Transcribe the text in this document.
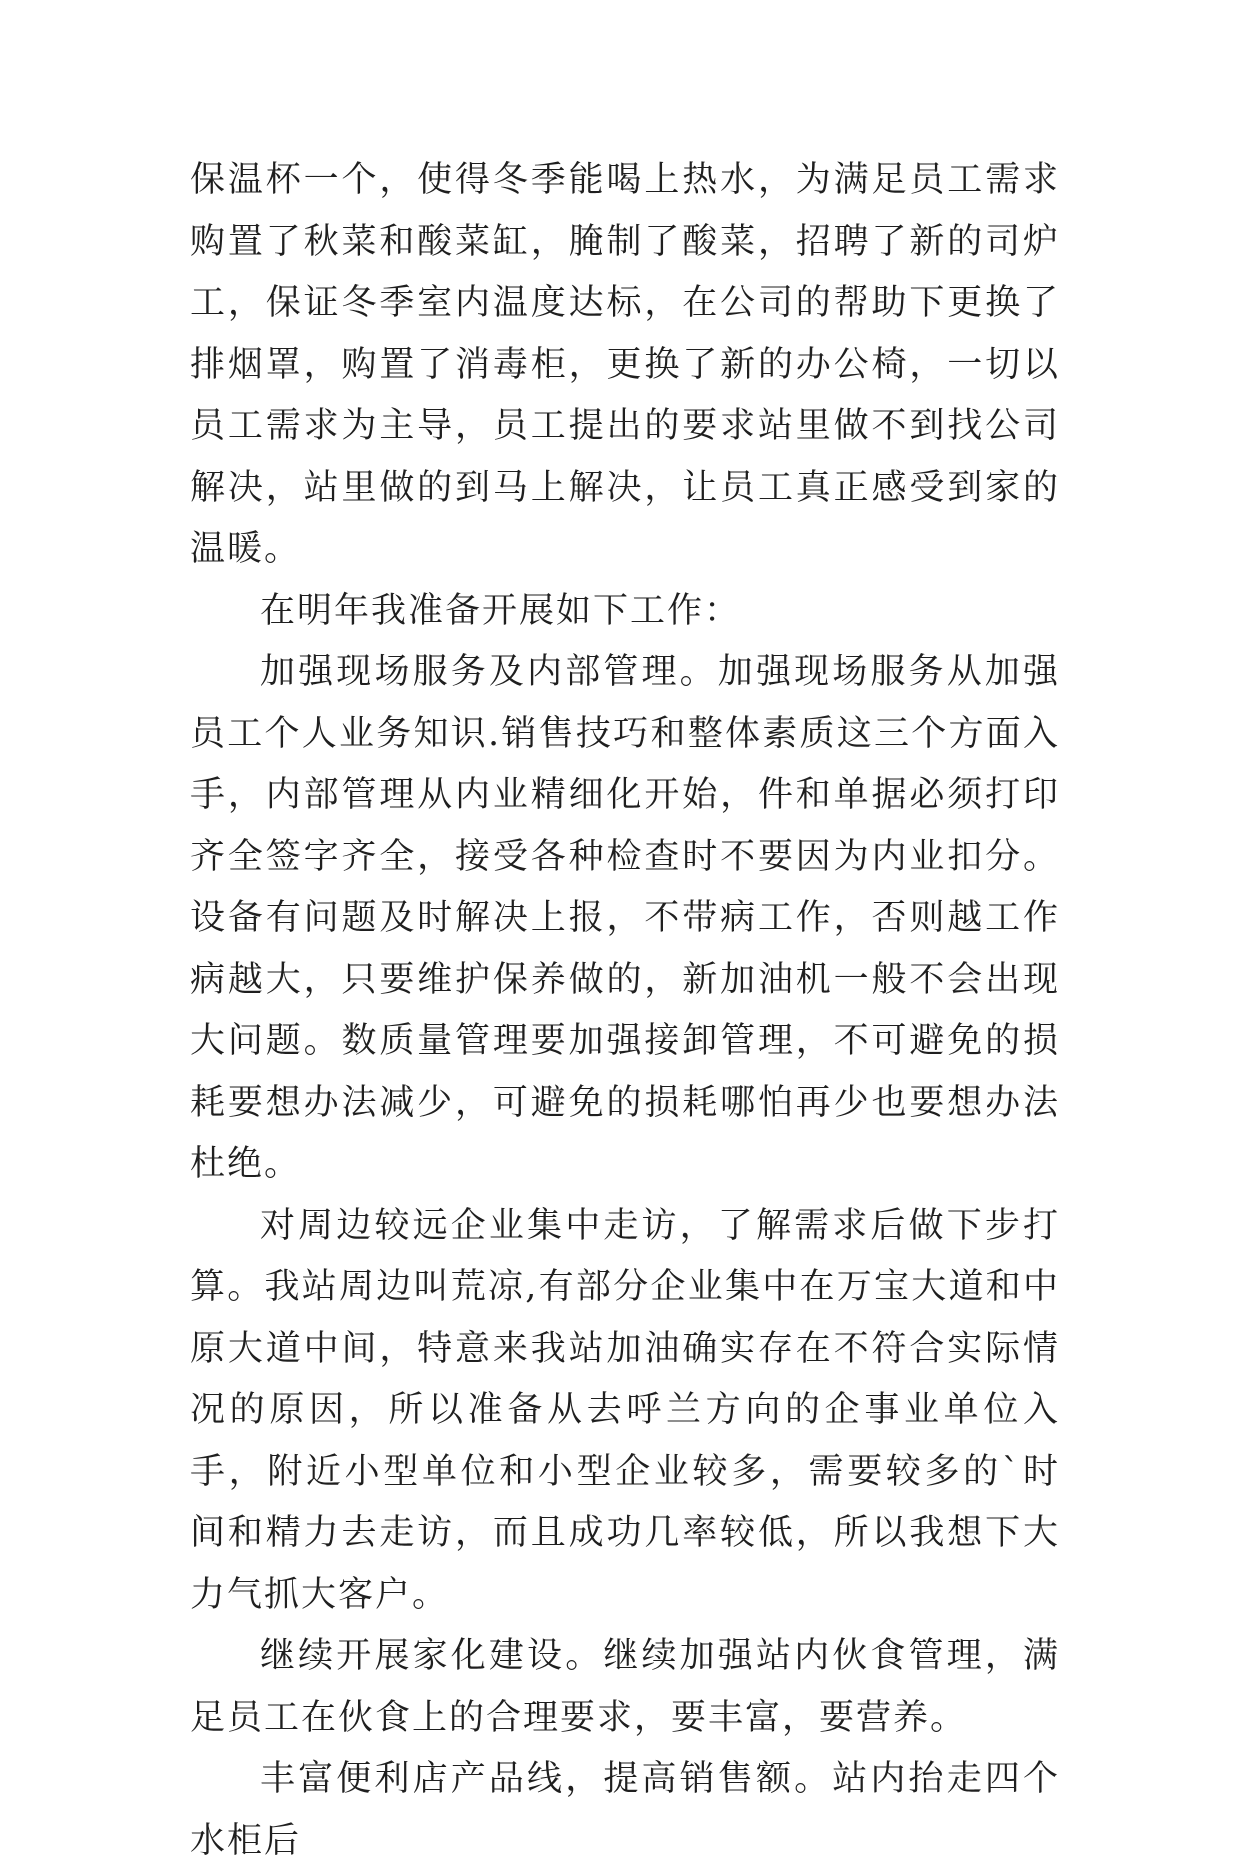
保温杯一个，使得冬季能喝上热水，为满足员工需求购置了秋菜和酸菜缸，腌制了酸菜，招聘了新的司炉工，保证冬季室内温度达标，在公司的帮助下更换了排烟罩，购置了消毒柜，更换了新的办公椅，一切以员工需求为主导，员工提出的要求站里做不到找公司解决，站里做的到马上解决，让员工真正感受到家的温暖。

在明年我准备开展如下工作：

加强现场服务及内部管理。加强现场服务从加强员工个人业务知识.销售技巧和整体素质这三个方面入手，内部管理从内业精细化开始，件和单据必须打印齐全签字齐全，接受各种检查时不要因为内业扣分。设备有问题及时解决上报，不带病工作，否则越工作病越大，只要维护保养做的，新加油机一般不会出现大问题。数质量管理要加强接卸管理，不可避免的损耗要想办法减少，可避免的损耗哪怕再少也要想办法杜绝。

对周边较远企业集中走访，了解需求后做下步打算。我站周边叫荒凉,有部分企业集中在万宝大道和中原大道中间，特意来我站加油确实存在不符合实际情况的原因，所以准备从去呼兰方向的企事业单位入手，附近小型单位和小型企业较多，需要较多的`时间和精力去走访，而且成功几率较低，所以我想下大力气抓大客户。

继续开展家化建设。继续加强站内伙食管理，满足员工在伙食上的合理要求，要丰富，要营养。

丰富便利店产品线，提高销售额。站内抬走四个水柜后
